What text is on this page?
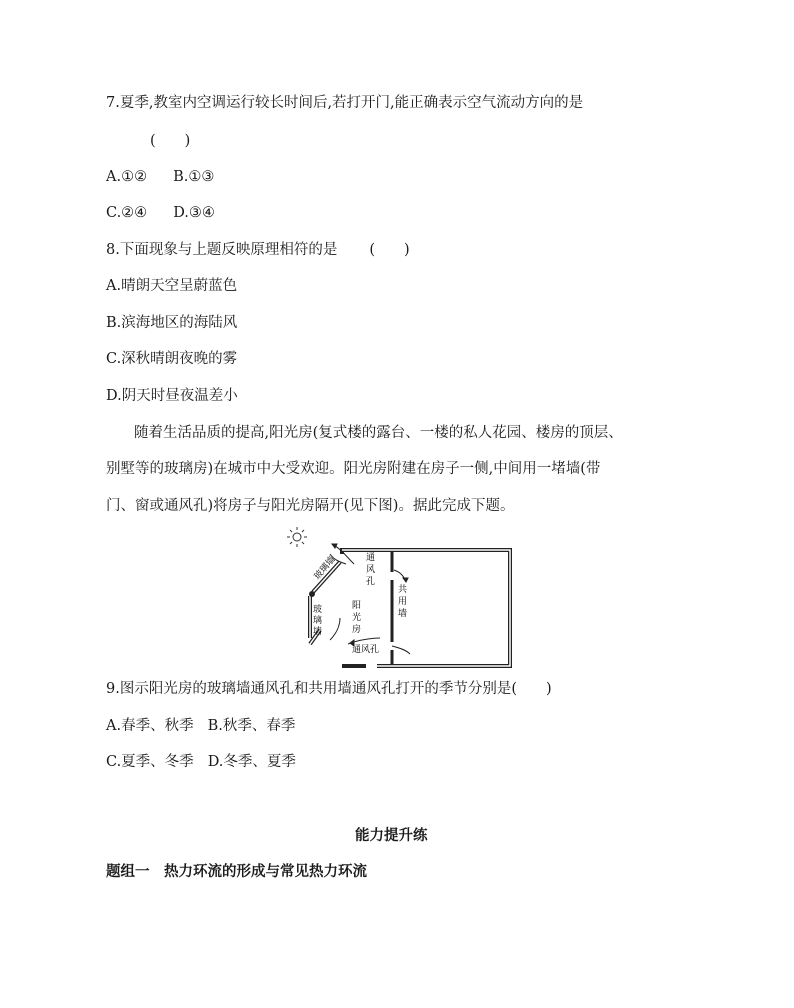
7.夏季,教室内空调运行较长时间后,若打开门,能正确表示空气流动方向的是
(　　)
A.①② B.①③
C.②④ D.③④
8.下面现象与上题反映原理相符的是 (　　)
A.晴朗天空呈蔚蓝色
B.滨海地区的海陆风
C.深秋晴朗夜晚的雾
D.阴天时昼夜温差小
随着生活品质的提高,阳光房(复式楼的露台、一楼的私人花园、楼房的顶层、
别墅等的玻璃房)在城市中大受欢迎。阳光房附建在房子一侧,中间用一堵墙(带
门、窗或通风孔)将房子与阳光房隔开(见下图)。据此完成下题。
玻璃墙
玻 璃 墙
通 风 孔
阳 光 房
共 用 墙
通风孔
9.图示阳光房的玻璃墙通风孔和共用墙通风孔打开的季节分别是(　　)
A.春季、秋季 B.秋季、春季
C.夏季、冬季 D.冬季、夏季
能力提升练
题组一　热力环流的形成与常见热力环流
